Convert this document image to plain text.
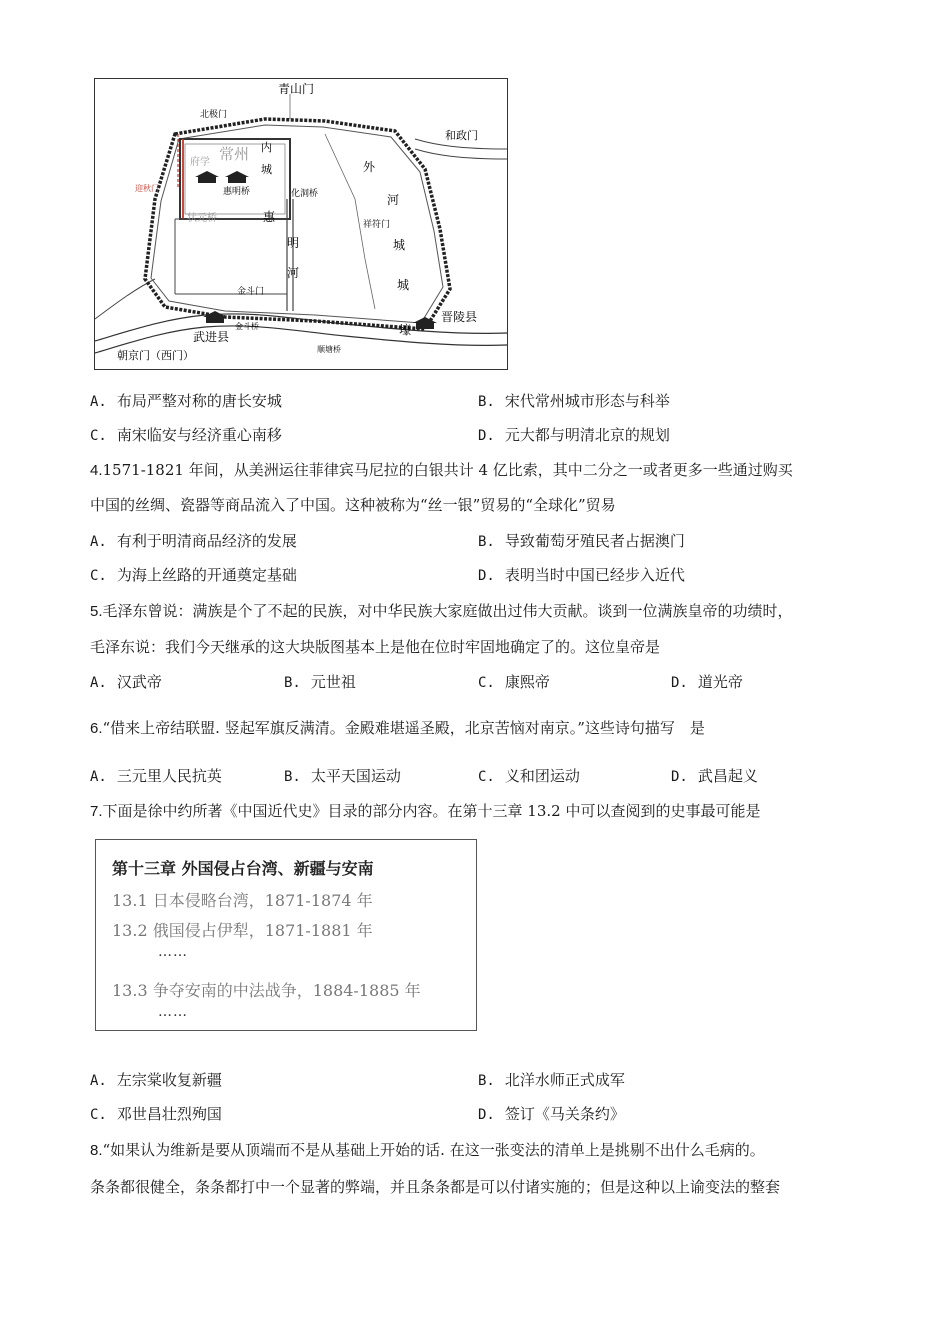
青山门
北极门
和政门
常州
府学
内
城	外
河
城
城
壕
惠明桥	化洞桥
状元桥	惠
明
河
祥符门
金斗门
金斗桥
迎秋门
武进县
晋陵县
朝京门（西门）	顺塘桥
A. 布局严整对称的唐长安城	B. 宋代常州城市形态与科举
C. 南宋临安与经济重心南移	D. 元大都与明清北京的规划
4.1571-1821 年间，从美洲运往菲律宾马尼拉的白银共计 4 亿比索，其中二分之一或者更多一些通过购买
中国的丝绸、瓷器等商品流入了中国。这种被称为“丝一银”贸易的“全球化”贸易
A. 有利于明清商品经济的发展	B. 导致葡萄牙殖民者占据澳门
C. 为海上丝路的开通奠定基础	D. 表明当时中国已经步入近代
5.毛泽东曾说：满族是个了不起的民族，对中华民族大家庭做出过伟大贡献。谈到一位满族皇帝的功绩时，
毛泽东说：我们今天继承的这大块版图基本上是他在位时牢固地确定了的。这位皇帝是
A. 汉武帝	B. 元世祖	C. 康熙帝	D. 道光帝
6.“借来上帝结联盟. 竖起军旗反满清。金殿难堪遥圣殿，北京苦恼对南京。”这些诗句描写　是
A. 三元里人民抗英	B. 太平天国运动	C. 义和团运动	D. 武昌起义
7.下面是徐中约所著《中国近代史》目录的部分内容。在第十三章 13.2 中可以查阅到的史事最可能是
第十三章 外国侵占台湾、新疆与安南
13.1 日本侵略台湾，1871-1874 年
13.2 俄国侵占伊犁，1871-1881 年
……
13.3 争夺安南的中法战争，1884-1885 年
……
A. 左宗棠收复新疆	B. 北洋水师正式成军
C. 邓世昌壮烈殉国	D. 签订《马关条约》
8.“如果认为维新是要从顶端而不是从基础上开始的话. 在这一张变法的清单上是挑剔不出什么毛病的。
条条都很健全，条条都打中一个显著的弊端，并且条条都是可以付诸实施的；但是这种以上谕变法的整套
